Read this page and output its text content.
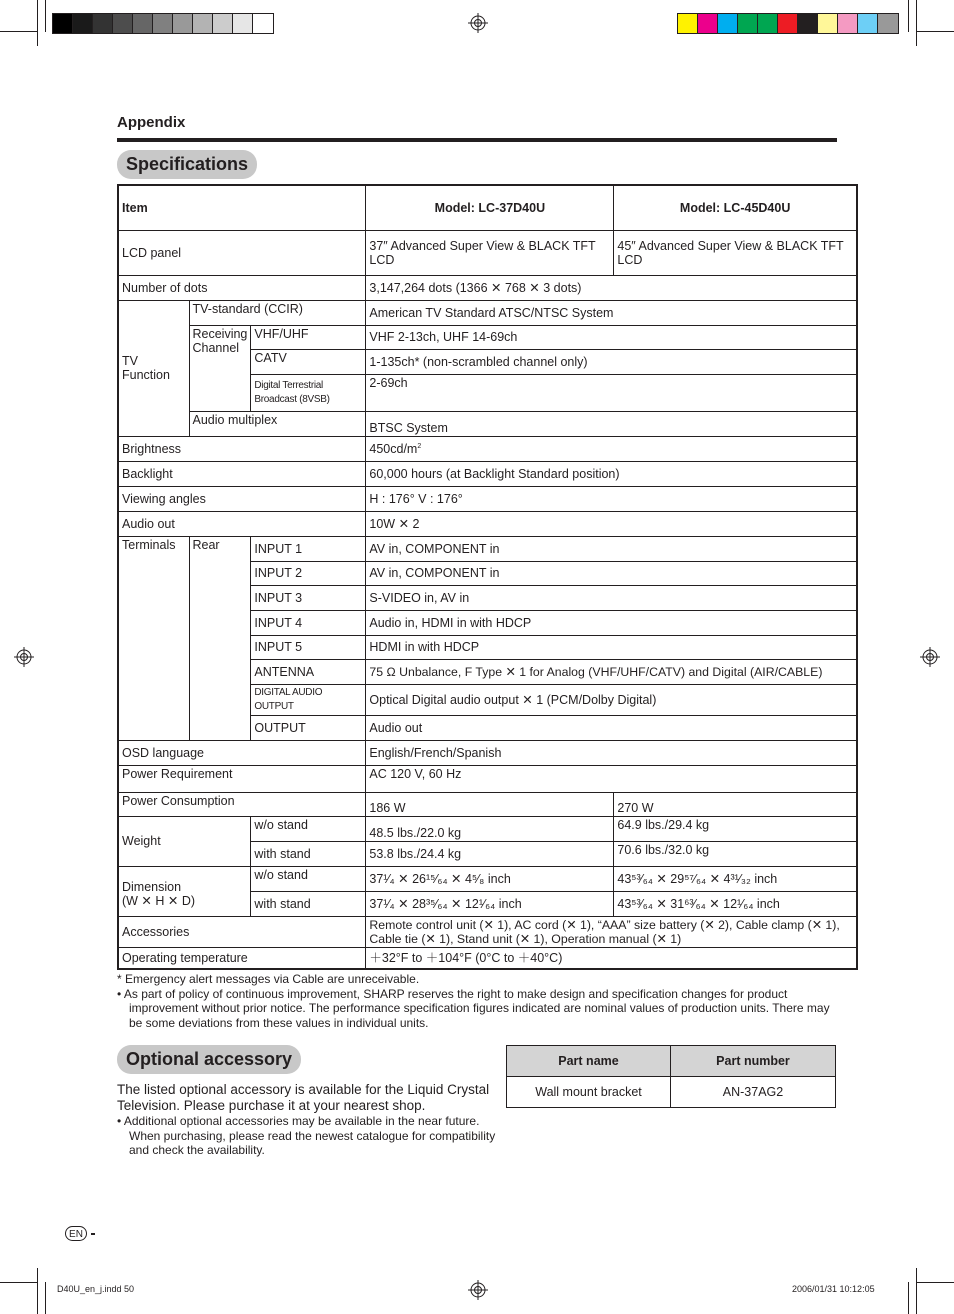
Appendix
Specifications
Item			Model: LC-37D40U	Model: LC-45D40U
LCD panel			37″ Advanced Super View & BLACK TFT LCD	45″ Advanced Super View & BLACK TFT LCD
Number of dots			3,147,264 dots (1366 ✕ 768 ✕ 3 dots)	
TV Function	TV-standard (CCIR)		American TV Standard ATSC/NTSC System	
	Receiving Channel	VHF/UHF	VHF 2-13ch, UHF 14-69ch	
		CATV	1-135ch* (non-scrambled channel only)	
		Digital Terrestrial Broadcast (8VSB)	2-69ch	
	Audio multiplex		BTSC System	
Brightness			$450cd/m^2$
Backlight			60,000 hours (at Backlight Standard position)	
Viewing angles			H : 176° V : 176°	
Audio out			10W ✕ 2	
Terminals	Rear	INPUT 1	AV in, COMPONENT in	
		INPUT 2	AV in, COMPONENT in	
		INPUT 3	S-VIDEO in, AV in	
		INPUT 4	Audio in, HDMI in with HDCP	
		INPUT 5	HDMI in with HDCP	
		ANTENNA	75 Ω Unbalance, F Type ✕ 1 for Analog (VHF/UHF/CATV) and Digital (AIR/CABLE)	
		DIGITAL AUDIO OUTPUT	Optical Digital audio output ✕ 1 (PCM/Dolby Digital)	
		OUTPUT	Audio out	
OSD language			English/French/Spanish	
Power Requirement			AC 120 V, 60 Hz	
Power Consumption			186 W	270 W
Weight		w/o stand	48.5 lbs./22.0 kg	64.9 lbs./29.4 kg
		with stand	53.8 lbs./24.4 kg	70.6 lbs./32.0 kg
Dimension
(W ✕ H ✕ D)		w/o stand	37¹⁄₄ ✕ 26¹⁵⁄₆₄ ✕ 4⁵⁄₈ inch	43⁵³⁄₆₄ ✕ 29⁵⁷⁄₆₄ ✕ 4³¹⁄₃₂ inch
		with stand	37¹⁄₄ ✕ 28³⁵⁄₆₄ ✕ 12¹⁄₆₄ inch	43⁵³⁄₆₄ ✕ 31⁶³⁄₆₄ ✕ 12¹⁄₆₄ inch
Accessories			Remote control unit (✕ 1), AC cord (✕ 1), “AAA” size battery (✕ 2), Cable clamp (✕ 1), Cable tie (✕ 1), Stand unit (✕ 1), Operation manual (✕ 1)	
Operating temperature			＋32°F to ＋104°F (0°C to ＋40°C)	

* Emergency alert messages via Cable are unreceivable.

• As part of policy of continuous improvement, SHARP reserves the right to make design and specification changes for product improvement without prior notice. The performance specification figures indicated are nominal values of production units. There may be some deviations from these values in individual units.

Optional accessory
The listed optional accessory is available for the Liquid Crystal Television. Please purchase it at your nearest shop.

• Additional optional accessories may be available in the near future. When purchasing, please read the newest catalogue for compatibility and check the availability.

Part name	Part number
Wall mount bracket	AN-37AG2
EN
D40U_en_j.indd 50	2006/01/31 10:12:05
